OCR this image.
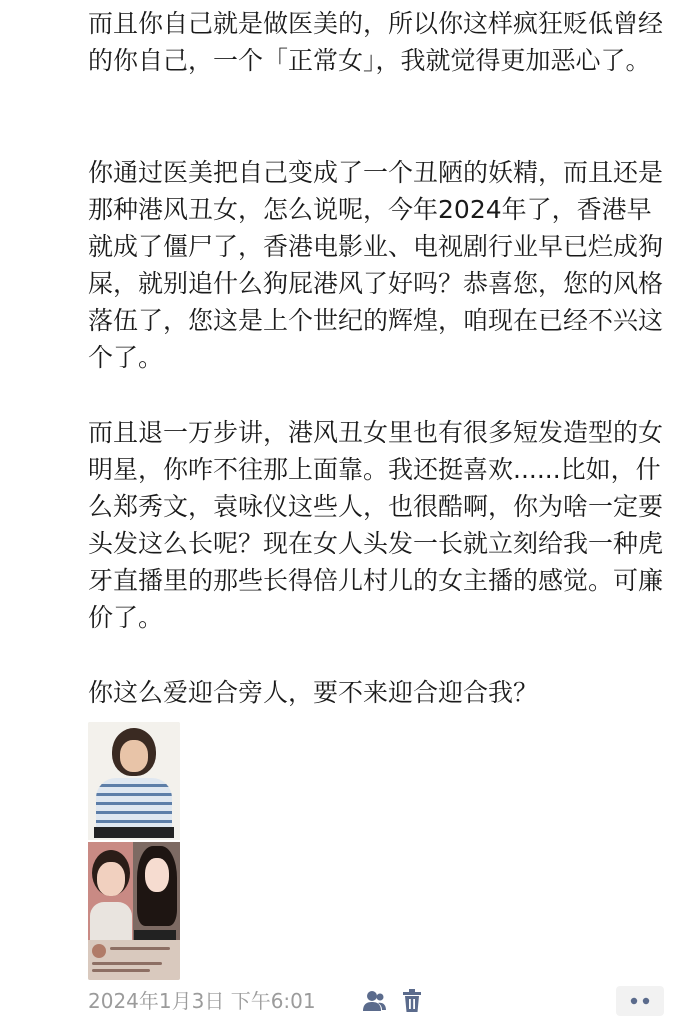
而且你自己就是做医美的，所以你这样疯狂贬低曾经的你自己，一个「正常女」，我就觉得更加恶心了。

你通过医美把自己变成了一个丑陋的妖精，而且还是那种港风丑女，怎么说呢，今年2024年了，香港早就成了僵尸了，香港电影业、电视剧行业早已烂成狗屎，就别追什么狗屁港风了好吗？恭喜您，您的风格落伍了，您这是上个世纪的辉煌，咱现在已经不兴这个了。

而且退一万步讲，港风丑女里也有很多短发造型的女明星，你咋不往那上面靠。我还挺喜欢......比如，什么郑秀文，袁咏仪这些人，也很酷啊，你为啥一定要头发这么长呢？现在女人头发一长就立刻给我一种虎牙直播里的那些长得倍儿村儿的女主播的感觉。可廉价了。

你这么爱迎合旁人，要不来迎合迎合我？

2024年1月3日 下午6:01
